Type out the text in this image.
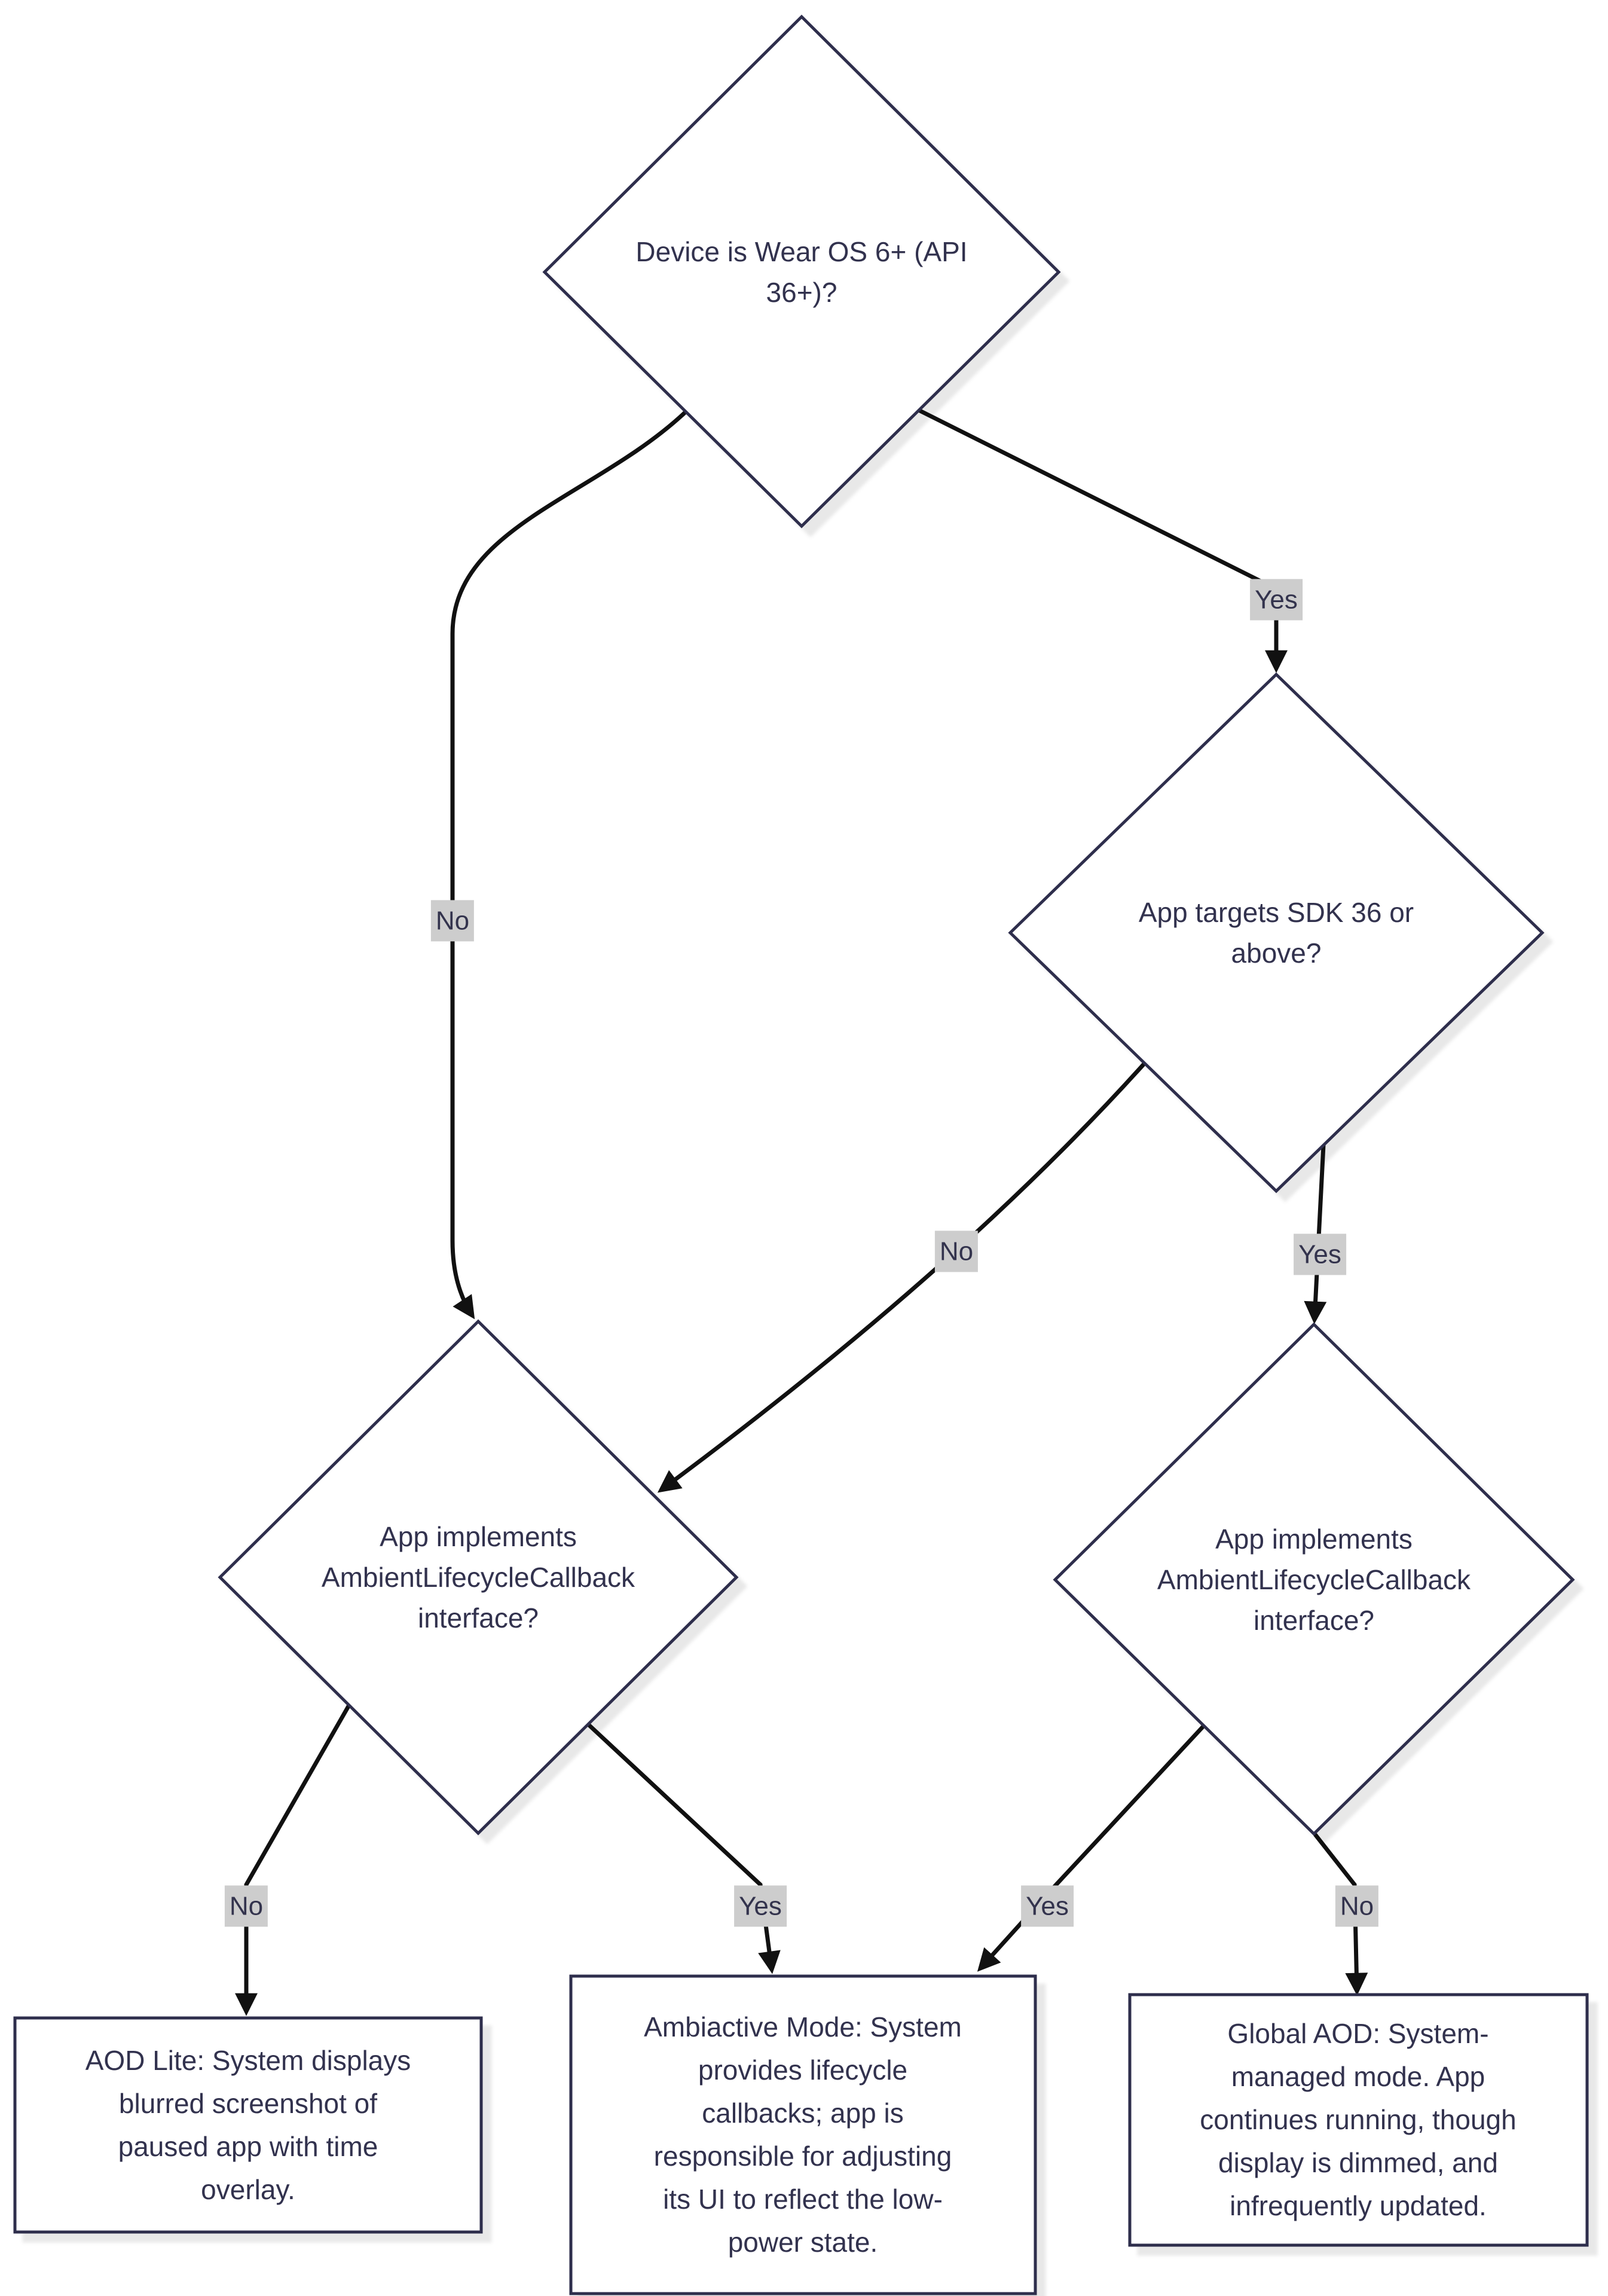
Device is Wear OS 6+ (API 36+)?
App targets SDK 36 or above?
App implements AmbientLifecycleCallback interface?
App implements AmbientLifecycleCallback interface?
AOD Lite: System displays blurred screenshot of paused app with time overlay.
Ambiactive Mode: System provides lifecycle callbacks; app is responsible for adjusting its UI to reflect the low-power state.
Global AOD: System-managed mode. App continues running, though display is dimmed, and infrequently updated.
Yes
No
No	Yes
No	Yes	Yes	No
